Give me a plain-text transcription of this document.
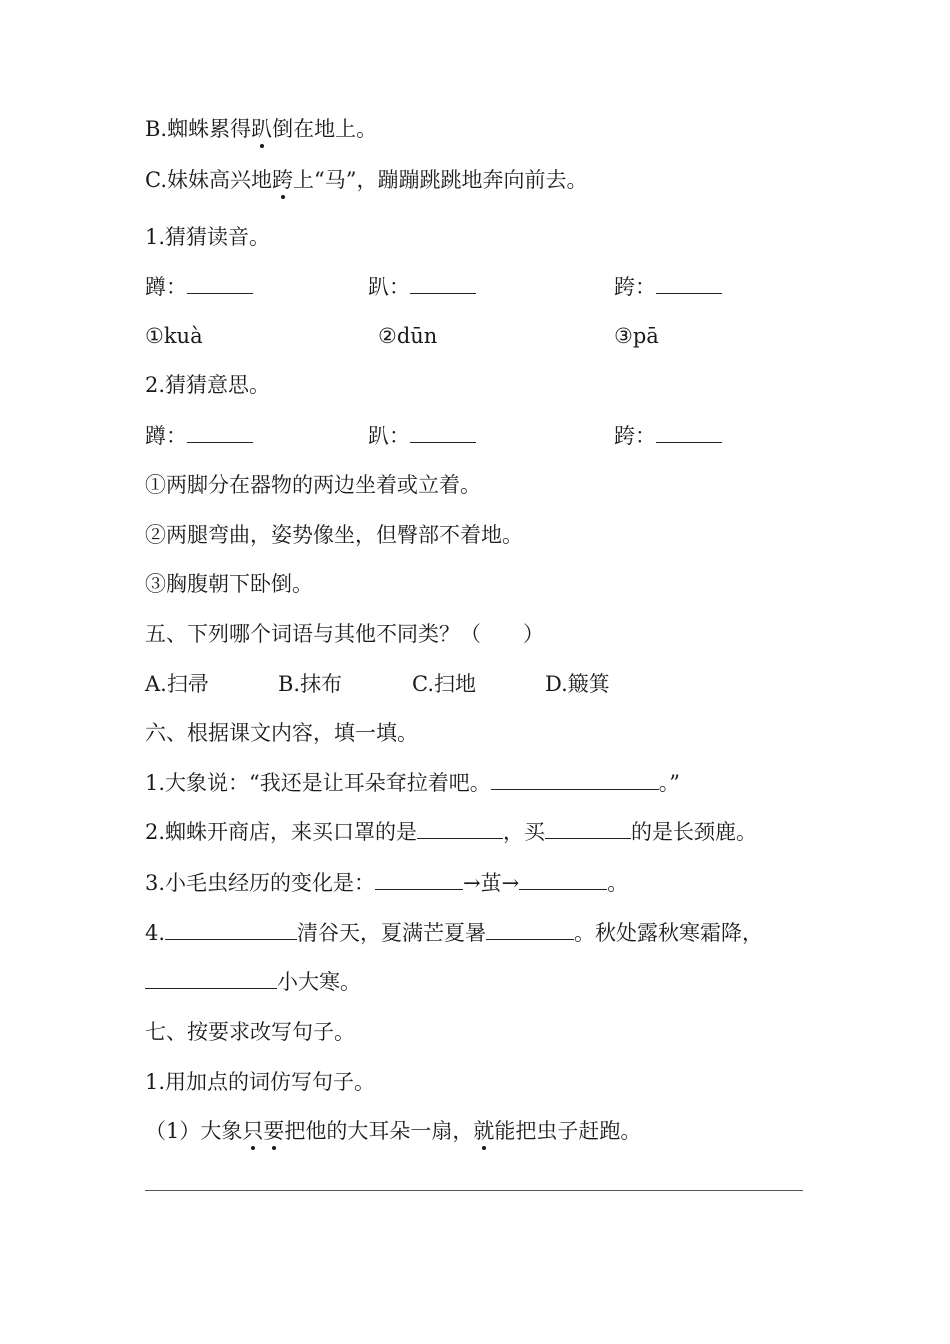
B.蜘蛛累得趴倒在地上。
C.妹妹高兴地跨上“马”，蹦蹦跳跳地奔向前去。
1.猜猜读音。
蹲：	趴：	跨：
①kuà	②dūn	③pā
2.猜猜意思。
蹲：	趴：	跨：
①两脚分在器物的两边坐着或立着。
②两腿弯曲，姿势像坐，但臀部不着地。
③胸腹朝下卧倒。
五、下列哪个词语与其他不同类？（　　）
A.扫帚	B.抹布	C.扫地	D.簸箕
六、根据课文内容，填一填。
1.大象说：“我还是让耳朵耷拉着吧。	。”
2.蜘蛛开商店，来买口罩的是	，买	的是长颈鹿。
3.小毛虫经历的变化是：	→茧→	。
4.	清谷天，夏满芒夏暑	。秋处露秋寒霜降，
小大寒。
七、按要求改写句子。
1.用加点的词仿写句子。
（1）大象只要把他的大耳朵一扇，就能把虫子赶跑。
